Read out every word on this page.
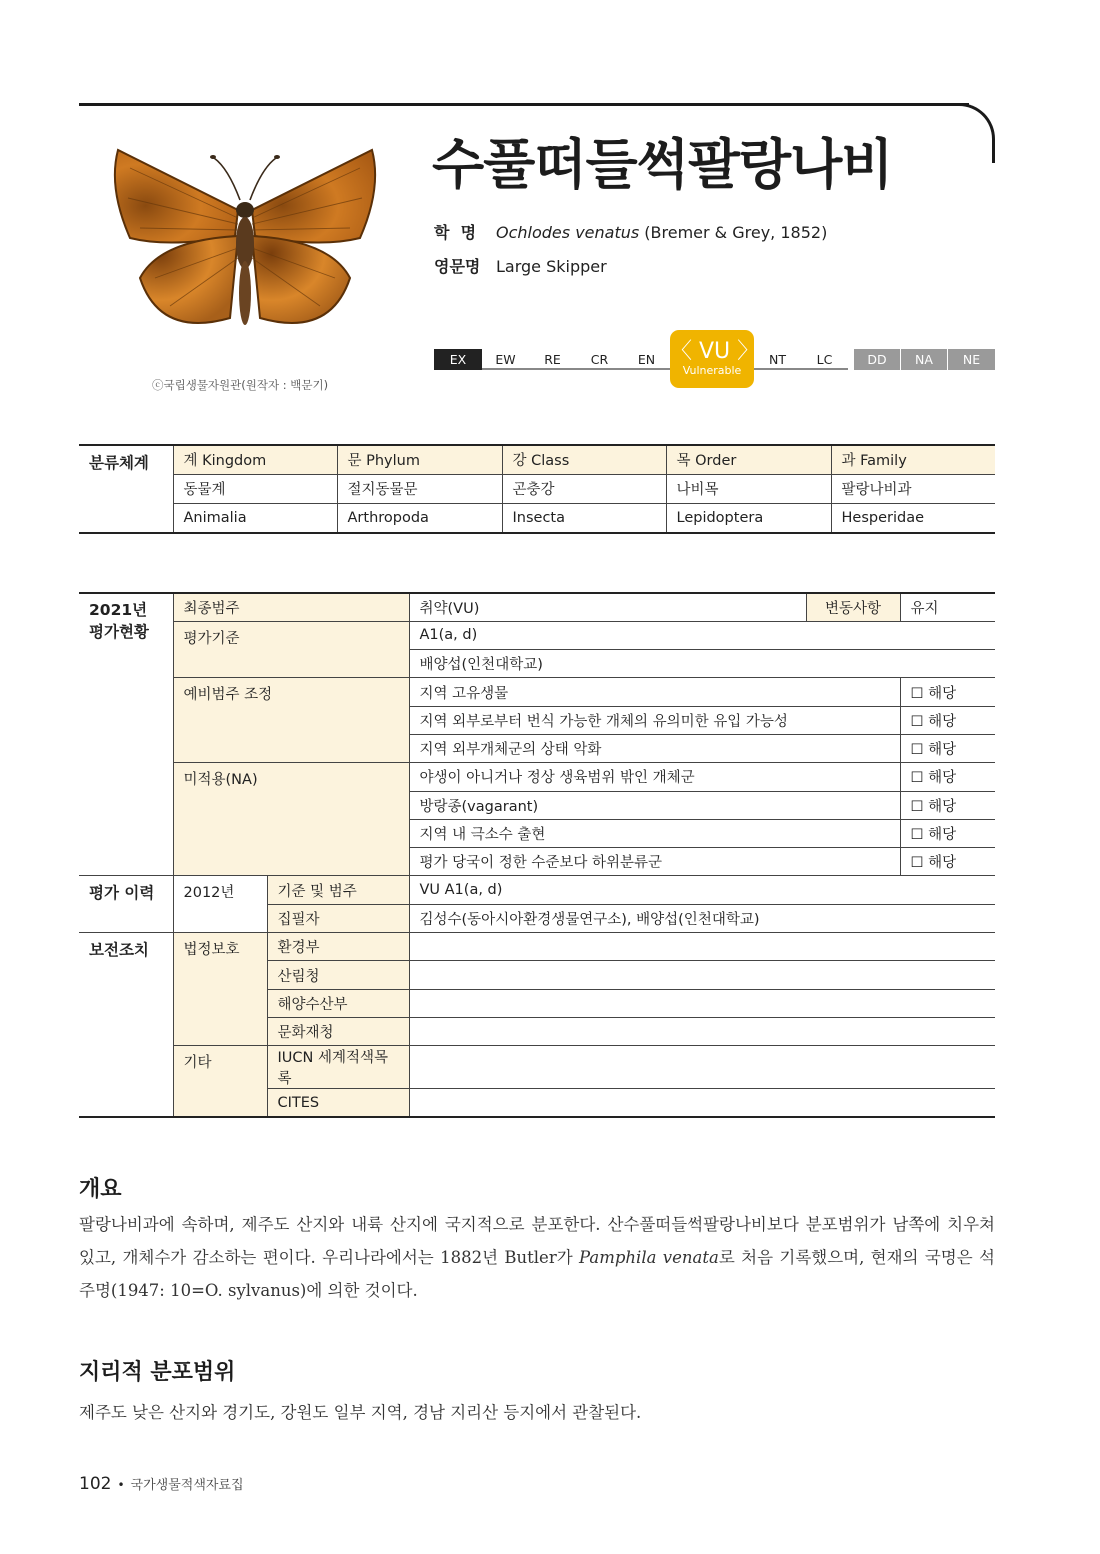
ⓒ국립생물자원관(원작자 : 백문기)
수풀떠들썩팔랑나비
학  명 Ochlodes venatus (Bremer & Grey, 1852)
영문명 Large Skipper
EX	EW	RE	CR	EN 〈 VU 〉
Vulnerable
NT	LC	DD	NA	NE
분류체계	계 Kingdom	문 Phylum	강 Class	목 Order	과 Family
	동물계	절지동물문	곤충강	나비목	팔랑나비과
	Animalia	Arthropoda	Insecta	Lepidoptera	Hesperidae
2021년
평가현황	최종범주		취약(VU)	변동사항	유지
	평가기준		A1(a, d)		
			배양섭(인천대학교)		
	예비범주 조정		지역 고유생물		☐ 해당
			지역 외부로부터 번식 가능한 개체의 유의미한 유입 가능성		☐ 해당
			지역 외부개체군의 상태 악화		☐ 해당
	미적용(NA)		야생이 아니거나 정상 생육범위 밖인 개체군		☐ 해당
			방랑종(vagarant)		☐ 해당
			지역 내 극소수 출현		☐ 해당
			평가 당국이 정한 수준보다 하위분류군		☐ 해당
평가 이력	2012년	기준 및 범주	VU A1(a, d)		
		집필자	김성수(동아시아환경생물연구소), 배양섭(인천대학교)		
보전조치	법정보호	환경부			
		산림청			
		해양수산부			
		문화재청			
	기타	IUCN 세계적색목록			
		CITES			
개요
팔랑나비과에 속하며, 제주도 산지와 내륙 산지에 국지적으로 분포한다. 산수풀떠들썩팔랑나비보다 분포범위가 남쪽에 치우쳐 있고, 개체수가 감소하는 편이다. 우리나라에서는 1882년 Butler가 Pamphila venata로 처음 기록했으며, 현재의 국명은 석주명(1947: 10=O. sylvanus)에 의한 것이다.
지리적 분포범위
제주도 낮은 산지와 경기도, 강원도 일부 지역, 경남 지리산 등지에서 관찰된다.
102 • 국가생물적색자료집
